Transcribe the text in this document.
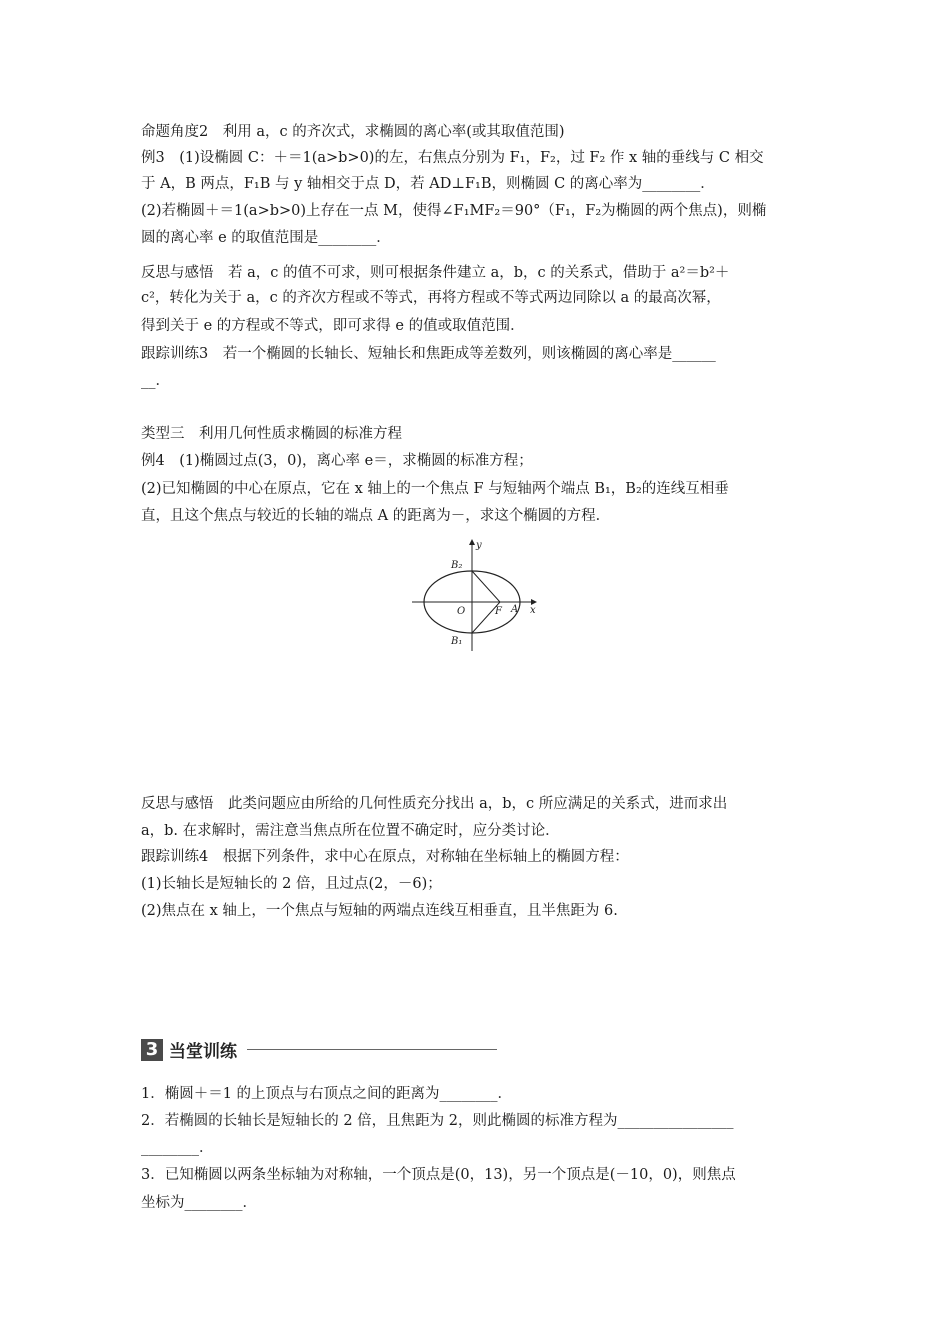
命题角度2　利用 a，c 的齐次式，求椭圆的离心率(或其取值范围)
例3　(1)设椭圆 C：＋＝1(a>b>0)的左，右焦点分别为 F₁，F₂，过 F₂ 作 x 轴的垂线与 C 相交
于 A，B 两点，F₁B 与 y 轴相交于点 D，若 AD⊥F₁B，则椭圆 C 的离心率为________．
(2)若椭圆＋＝1(a>b>0)上存在一点 M，使得∠F₁MF₂＝90°（F₁，F₂为椭圆的两个焦点)，则椭
圆的离心率 e 的取值范围是________．
反思与感悟　若 a，c 的值不可求，则可根据条件建立 a，b，c 的关系式，借助于 a²＝b²＋
c²，转化为关于 a，c 的齐次方程或不等式，再将方程或不等式两边同除以 a 的最高次幂，
得到关于 e 的方程或不等式，即可求得 e 的值或取值范围．
跟踪训练3　若一个椭圆的长轴长、短轴长和焦距成等差数列，则该椭圆的离心率是______
__．
类型三　利用几何性质求椭圆的标准方程
例4　(1)椭圆过点(3，0)，离心率 e＝，求椭圆的标准方程；
(2)已知椭圆的中心在原点，它在 x 轴上的一个焦点 F 与短轴两个端点 B₁，B₂的连线互相垂
直，且这个焦点与较近的长轴的端点 A 的距离为－，求这个椭圆的方程．
y
x
B₂
B₁
O	F A
反思与感悟　此类问题应由所给的几何性质充分找出 a，b，c 所应满足的关系式，进而求出
a，b. 在求解时，需注意当焦点所在位置不确定时，应分类讨论．
跟踪训练4　根据下列条件，求中心在原点，对称轴在坐标轴上的椭圆方程：
(1)长轴长是短轴长的 2 倍，且过点(2，－6)；
(2)焦点在 x 轴上，一个焦点与短轴的两端点连线互相垂直，且半焦距为 6.
3 当堂训练
1．椭圆＋＝1 的上顶点与右顶点之间的距离为________．
2．若椭圆的长轴长是短轴长的 2 倍，且焦距为 2，则此椭圆的标准方程为________________
________．
3．已知椭圆以两条坐标轴为对称轴，一个顶点是(0，13)，另一个顶点是(－10，0)，则焦点
坐标为________．
